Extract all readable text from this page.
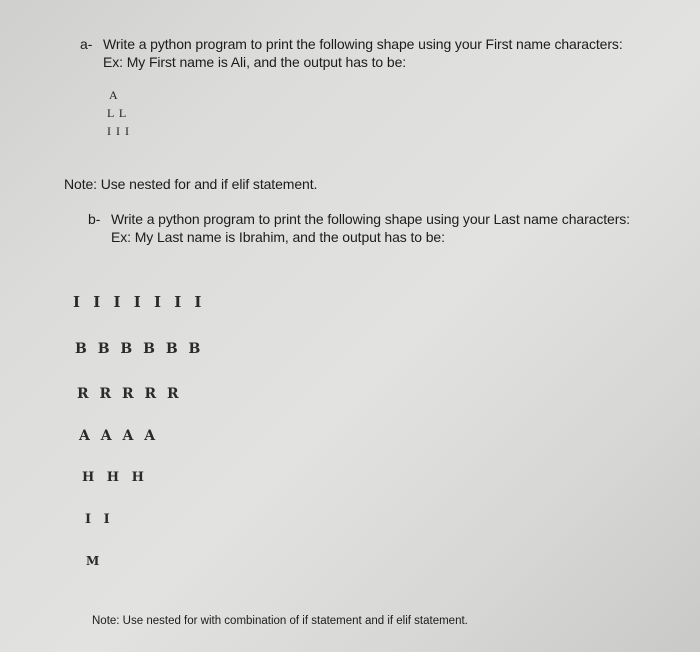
a- Write a python program to print the following shape using your First name characters:
Ex: My First name is Ali, and the output has to be:
A
L L
I I I
Note: Use nested for and if elif statement.
b- Write a python program to print the following shape using your Last name characters:
Ex: My Last name is Ibrahim, and the output has to be:
I I I I I I I
B B B B B B
R R R R R
A A A A
H H H
I I
M
Note: Use nested for with combination of if statement and if elif statement.
